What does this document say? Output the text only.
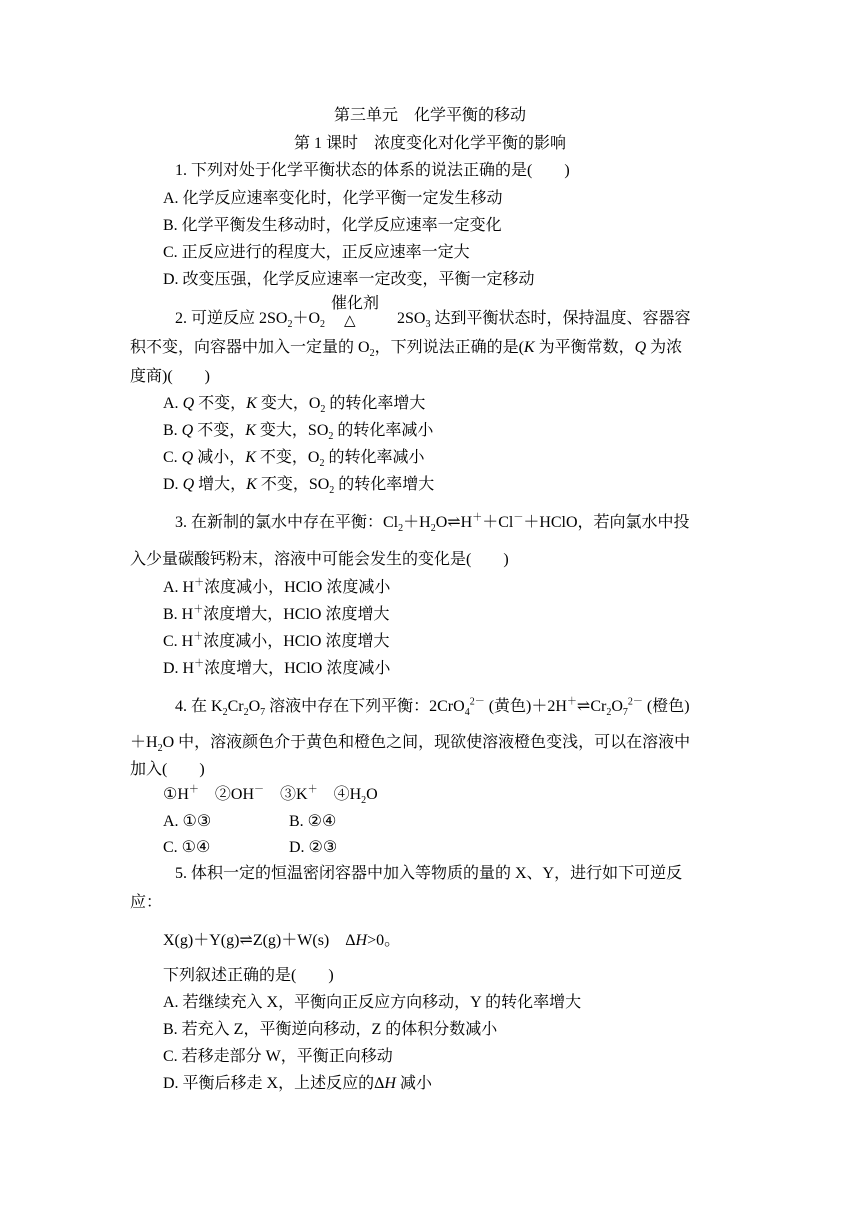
第三单元　化学平衡的移动
第 1 课时　浓度变化对化学平衡的影响
1. 下列对处于化学平衡状态的体系的说法正确的是(　　)
A. 化学反应速率变化时，化学平衡一定发生移动
B. 化学平衡发生移动时，化学反应速率一定变化
C. 正反应进行的程度大，正反应速率一定大
D. 改变压强，化学反应速率一定改变，平衡一定移动
2. 可逆反应 $2SO_2+O_2$
催化剂
△	$2SO_3$ 达到平衡状态时，保持温度、容器容
积不变，向容器中加入一定量的 $O_2$，下列说法正确的是(K 为平衡常数，Q 为浓
度商)(　　)
A. Q 不变，K 变大，$O_2$ 的转化率增大
B. Q 不变，K 变大，$SO_2$ 的转化率减小
C. Q 减小，K 不变，$O_2$ 的转化率减小
D. Q 增大，K 不变，$SO_2$ 的转化率增大
3. 在新制的氯水中存在平衡：$Cl_2+H_2O\rightleftharpoons H^++Cl^-+HClO$，若向氯水中投
入少量碳酸钙粉末，溶液中可能会发生的变化是(　　)
A. H＋浓度减小，HClO 浓度减小
B. H＋浓度增大，HClO 浓度增大
C. H＋浓度减小，HClO 浓度增大
D. H＋浓度增大，HClO 浓度减小
4. 在 $K_2Cr_2O_7$ 溶液中存在下列平衡：2CrO$_4^{2-}$ (黄色)$+2H^+\rightleftharpoons Cr_2O_7^{2-}$ (橙色)
$+H_2O$ 中，溶液颜色介于黄色和橙色之间，现欲使溶液橙色变浅，可以在溶液中
加入(　　)
①H＋　②OH－　③K＋　$④H_2O$
A. ①③	B. ②④
C. ①④	D. ②③
5. 体积一定的恒温密闭容器中加入等物质的量的 X、Y，进行如下可逆反
应：
X(g)＋Y(g)⇌Z(g)＋W(s)　ΔH>0。
下列叙述正确的是(　　)
A. 若继续充入 X，平衡向正反应方向移动，Y 的转化率增大
B. 若充入 Z，平衡逆向移动，Z 的体积分数减小
C. 若移走部分 W，平衡正向移动
D. 平衡后移走 X，上述反应的ΔH 减小
